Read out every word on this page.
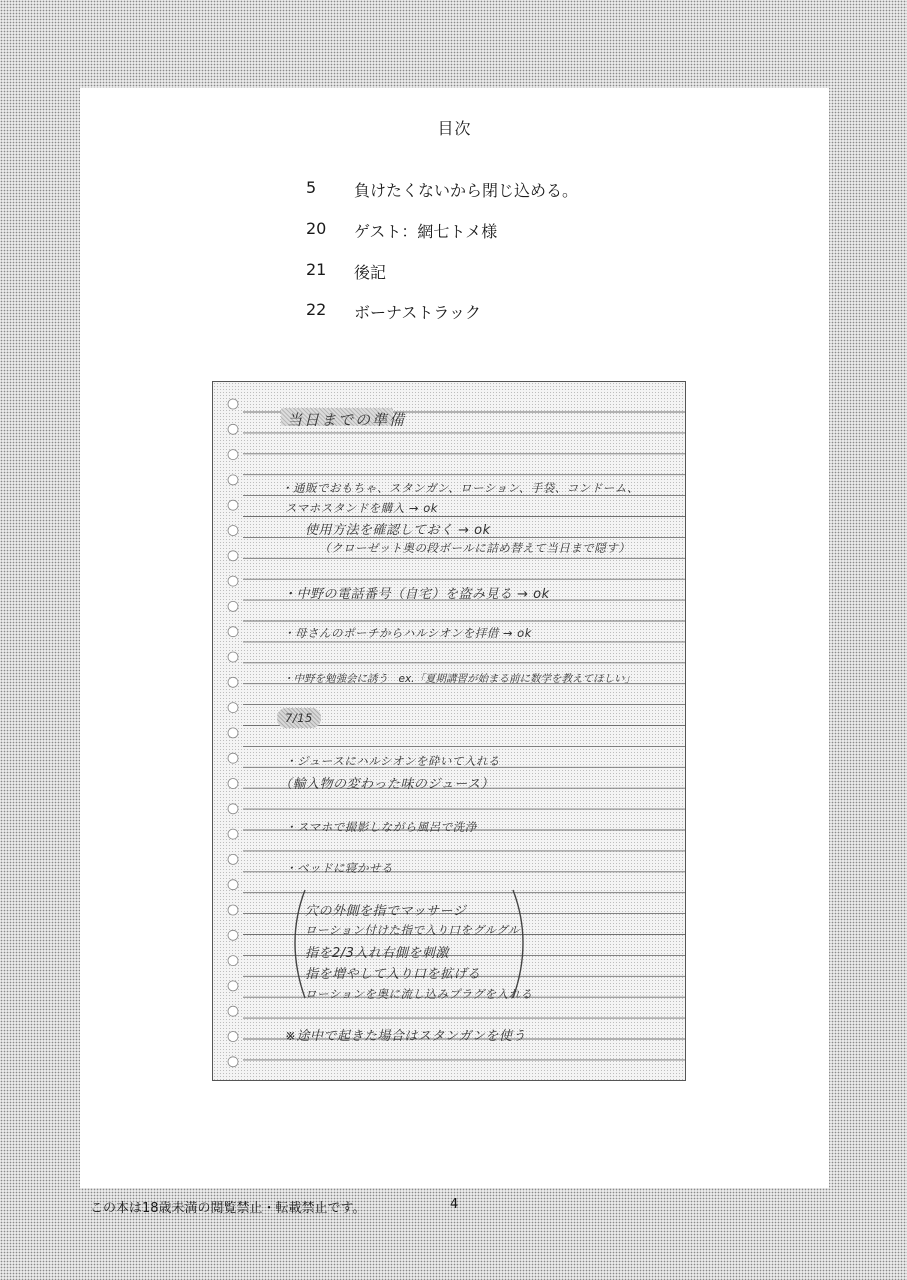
目次
5	負けたくないから閉じ込める。
20	ゲスト：網七トメ様
21	後記
22	ボーナストラック
当日までの準備
・通販でおもちゃ、スタンガン、ローション、手袋、コンドーム、
スマホスタンドを購入 → ok
使用方法を確認しておく → ok
（クローゼット奥の段ボールに詰め替えて当日まで隠す）
・中野の電話番号（自宅）を盗み見る → ok
・母さんのポーチからハルシオンを拝借 → ok
・中野を勉強会に誘う　ex.「夏期講習が始まる前に数学を教えてほしい」
7/15
・ジュースにハルシオンを砕いて入れる
（輸入物の変わった味のジュース）
・スマホで撮影しながら風呂で洗浄
・ベッドに寝かせる
穴の外側を指でマッサージ
ローション付けた指で入り口をグルグル
指を2/3入れ右側を刺激
指を増やして入り口を拡げる
ローションを奥に流し込みプラグを入れる
※途中で起きた場合はスタンガンを使う
この本は18歳未満の閲覧禁止・転載禁止です。	4
